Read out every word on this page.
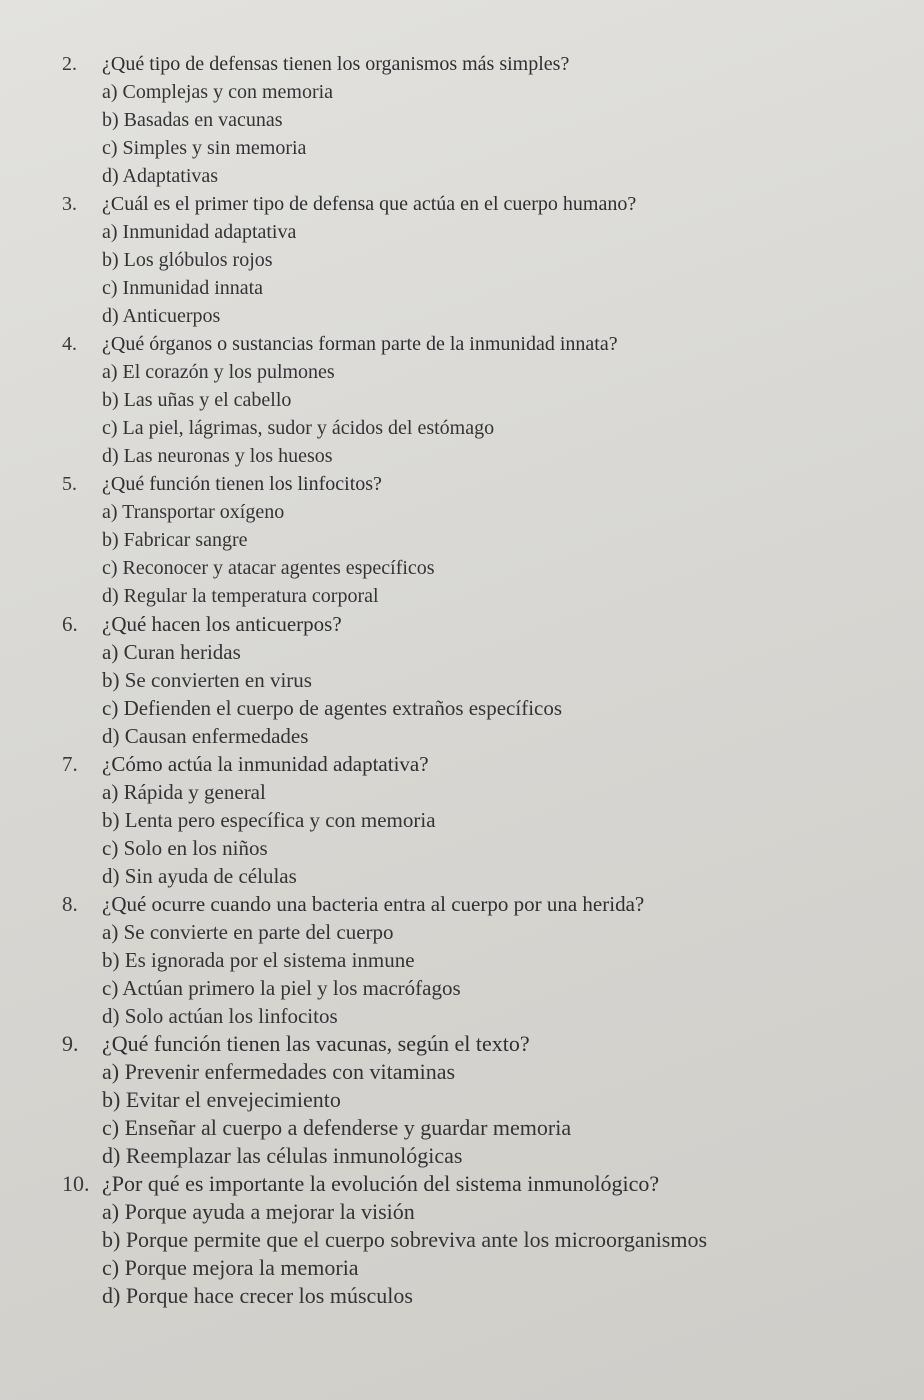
2.	¿Qué tipo de defensas tienen los organismos más simples?
a) Complejas y con memoria
b) Basadas en vacunas
c) Simples y sin memoria
d) Adaptativas
3.	¿Cuál es el primer tipo de defensa que actúa en el cuerpo humano?
a) Inmunidad adaptativa
b) Los glóbulos rojos
c) Inmunidad innata
d) Anticuerpos
4.	¿Qué órganos o sustancias forman parte de la inmunidad innata?
a) El corazón y los pulmones
b) Las uñas y el cabello
c) La piel, lágrimas, sudor y ácidos del estómago
d) Las neuronas y los huesos
5.	¿Qué función tienen los linfocitos?
a) Transportar oxígeno
b) Fabricar sangre
c) Reconocer y atacar agentes específicos
d) Regular la temperatura corporal
6.	¿Qué hacen los anticuerpos?
a) Curan heridas
b) Se convierten en virus
c) Defienden el cuerpo de agentes extraños específicos
d) Causan enfermedades
7.	¿Cómo actúa la inmunidad adaptativa?
a) Rápida y general
b) Lenta pero específica y con memoria
c) Solo en los niños
d) Sin ayuda de células
8.	¿Qué ocurre cuando una bacteria entra al cuerpo por una herida?
a) Se convierte en parte del cuerpo
b) Es ignorada por el sistema inmune
c) Actúan primero la piel y los macrófagos
d) Solo actúan los linfocitos
9.	¿Qué función tienen las vacunas, según el texto?
a) Prevenir enfermedades con vitaminas
b) Evitar el envejecimiento
c) Enseñar al cuerpo a defenderse y guardar memoria
d) Reemplazar las células inmunológicas
10. ¿Por qué es importante la evolución del sistema inmunológico?
a) Porque ayuda a mejorar la visión
b) Porque permite que el cuerpo sobreviva ante los microorganismos
c) Porque mejora la memoria
d) Porque hace crecer los músculos
